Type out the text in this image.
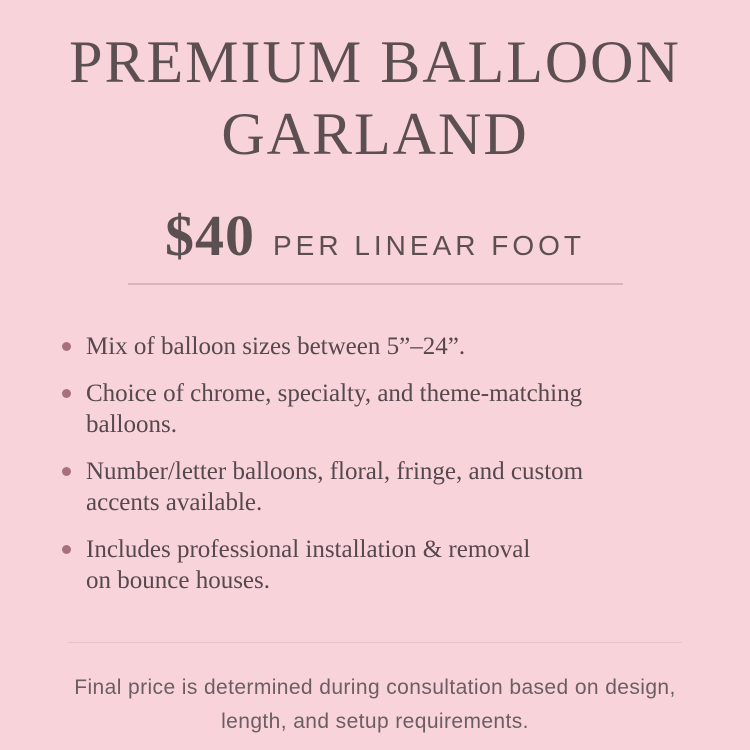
PREMIUM BALLOON
GARLAND
$40 PER LINEAR FOOT
Mix of balloon sizes between 5”–24”.
Choice of chrome, specialty, and theme-matching
balloons.
Number/letter balloons, floral, fringe, and custom
accents available.
Includes professional installation & removal
on bounce houses.
Final price is determined during consultation based on design,
length, and setup requirements.
